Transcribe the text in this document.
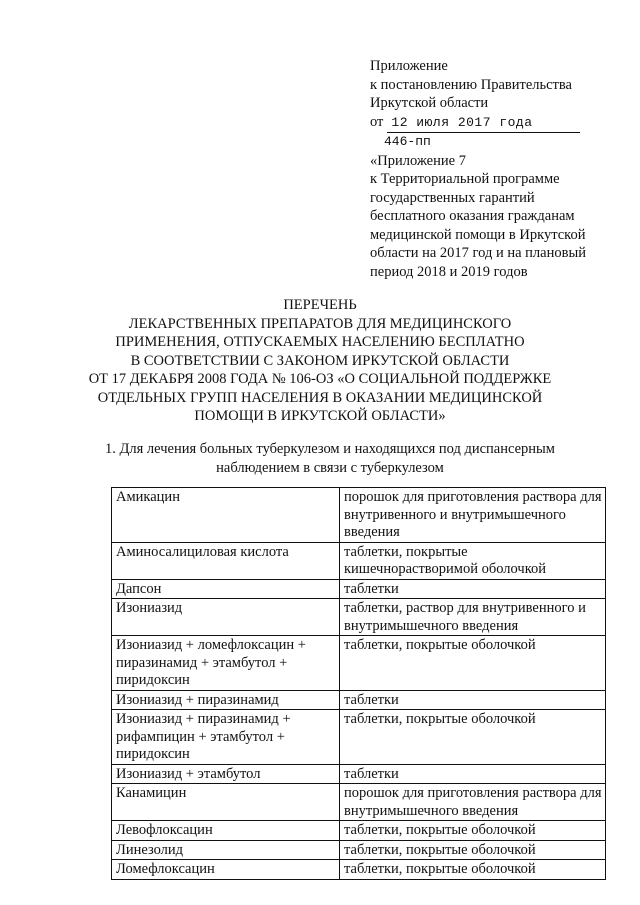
Приложение
к постановлению Правительства
Иркутской области
от 12 июля 2017 года
446-пп
«Приложение 7
к Территориальной программе
государственных гарантий
бесплатного оказания гражданам
медицинской помощи в Иркутской
области на 2017 год и на плановый
период 2018 и 2019 годов
ПЕРЕЧЕНЬ
ЛЕКАРСТВЕННЫХ ПРЕПАРАТОВ ДЛЯ МЕДИЦИНСКОГО
ПРИМЕНЕНИЯ, ОТПУСКАЕМЫХ НАСЕЛЕНИЮ БЕСПЛАТНО
В СООТВЕТСТВИИ С ЗАКОНОМ ИРКУТСКОЙ ОБЛАСТИ
ОТ 17 ДЕКАБРЯ 2008 ГОДА № 106-ОЗ «О СОЦИАЛЬНОЙ ПОДДЕРЖКЕ
ОТДЕЛЬНЫХ ГРУПП НАСЕЛЕНИЯ В ОКАЗАНИИ МЕДИЦИНСКОЙ
ПОМОЩИ В ИРКУТСКОЙ ОБЛАСТИ»
1. Для лечения больных туберкулезом и находящихся под диспансерным
наблюдением в связи с туберкулезом
Амикацин	порошок для приготовления раствора для внутривенного и внутримышечного введения
Аминосалициловая кислота	таблетки, покрытые кишечнорастворимой оболочкой
Дапсон	таблетки
Изониазид	таблетки, раствор для внутривенного и внутримышечного введения
Изониазид + ломефлоксацин + пиразинамид + этамбутол + пиридоксин	таблетки, покрытые оболочкой
Изониазид + пиразинамид	таблетки
Изониазид + пиразинамид + рифампицин + этамбутол + пиридоксин	таблетки, покрытые оболочкой
Изониазид + этамбутол	таблетки
Канамицин	порошок для приготовления раствора для внутримышечного введения
Левофлоксацин	таблетки, покрытые оболочкой
Линезолид	таблетки, покрытые оболочкой
Ломефлоксацин	таблетки, покрытые оболочкой
